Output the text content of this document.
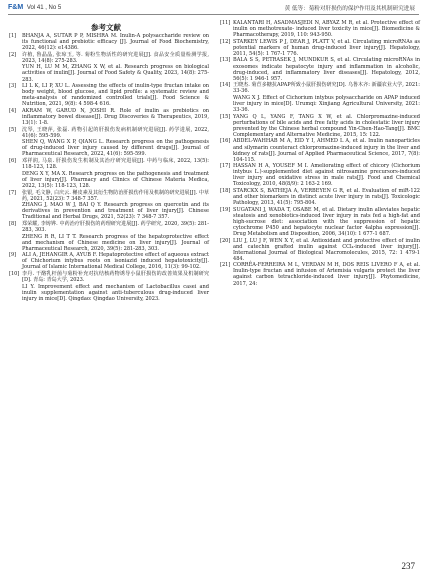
F&M Vol 41 , No 5	黄 低等：菊粉对肝损伤的保护作用及其机制研究进展
参考文献
[1] BHANJA A, SUTAR P P, MISHRA M. Inulin-A polysaccharide review on its functional and prebiotic efficacy [J]. Journal of Food Biochemistry, 2022, 46(12): e14386.
[2] 许植, 鲁晶晶, 张琼玉, 等. 菊粉生物活性的研究进展[J]. 食品安全质量检测学报, 2023, 14(8): 275-283.
YUN H, LU M M, ZHANG X W, et al. Research progress on biological activities of inulin[J]. Journal of Food Safety & Quality, 2023, 14(8): 275-283.
[3] LI L K, LI P, XU L. Assessing the effects of inulin-type fructan intake on body weight, blood glucose, and lipid profile: a systematic review and meta-analysis of randomized controlled trials[J]. Food Science & Nutrition, 2021, 9(8): 4 598-4 616.
[4] AKRAM W, GARUD N, JOSHI R. Role of inulin as prebiotics on inflammatory bowel disease[J]. Drug Discoveries & Therapeutics, 2019, 13(1): 1-8.
[5] 沈琴, 王晓萍, 张磊. 药物引起的肝损伤发病机制研究进展[J]. 药学进展, 2022, 41(6): 595-599.
SHEN Q, WANG X P, QIANG L. Research progress on the pathogenesis of drug-induced liver injury caused by different drugs[J]. Journal of Pharmaceutical Research, 2022, 41(6): 595-599.
[6] 邓祥润, 马泉. 肝损伤发生机制及其治疗研究进展[J]. 中药与临床, 2022, 13(5): 118-123, 128.
DENG X Y, MA X. Research progress on the pathogenesis and treatment of liver injury[J]. Pharmacy and Clinics of Chinese Materia Medica, 2022, 13(5): 118-123, 128.
[7] 张银, 毛文静, 白庆云. 槲皮素及其衍生物防治肝损伤作用及机制的研究进展[J]. 中草药, 2021, 52(23): 7 348-7 357.
ZHANG J, MAO W J, BAI Q Y. Research progress on quercetin and its derivatives in prevention and treatment of liver injury[J]. Chinese Traditional and Herbal Drugs, 2021, 52(23): 7 348-7 357.
[8] 郑荣耀, 李铸铧. 中药治疗肝损伤的药理研究进展[J]. 药学研究, 2020, 39(5): 281-283, 303.
ZHENG R R, LI T T. Research progress of the hepatoprotective effect and mechanism of Chinese medicine on liver injury[J]. Journal of Pharmaceutical Research, 2020, 39(5): 281-283, 303.
[9] ALI A, JEHANGIR A, AYUB F. Hepatoprotective effect of aqueous extract of Chichorium intybus roots on isoniazid induced hepatotoxicity[J]. Journal of Islamic International Medical College, 2016, 11(3): 99-102.
[10] 李丹. 干酪乳杆菌与菊粉补充对抗结核药物诱导小鼠肝损伤的改善效果及机制研究[D]. 青岛: 青岛大学, 2023.
LI Y. Improvement effect and mechanism of Lactobacillus casei and inulin supplementation against anti-tuberculous drug-induced liver injury in mice[D]. Qingdao: Qingdao University, 2023.
[11] KALANTARI H, ASADMASJEDI N, ABYAZ M R, et al. Protective effect of inulin on methotrexate- induced liver toxicity in mice[J]. Biomedicine & Pharmacotherapy, 2019, 110: 943-950.
[12] STARKEY LEWIS P J, DEAR J, PLATT V, et al. Circulating microRNAs as potential markers of human drug-induced liver injury[J]. Hepatology, 2011, 54(5): 1 767-1 776.
[13] BALA S S, PETRASEK J, MUNDKUR S, et al. Circulating microRNAs in exosomes indicate hepatocyte injury and inflammation in alcoholic, drug-induced, and inflammatory liver diseases[J]. Hepatology, 2012, 56(5): 1 946-1 957.
[14] 王晓杰. 菊苣多糖抗APAP所致小鼠肝损伤研究[D]. 乌鲁木齐: 新疆农业大学, 2021: 33-36.
WANG X J. Effect of Cichorium intybus polysaccharide on APAP induced liver injury in mice[D]. Urumqi: Xinjiang Agricultural University, 2021: 33-36.
[15] YANG Q L, YANG F, TANG X W, et al. Chlorpromazine-induced perturbations of bile acids and free fatty acids in cholestatic liver injury prevented by the Chinese herbal compound Yin-Chen-Hao-Tang[J]. BMC Complementary and Alternative Medicine, 2015, 15: 122.
[16] ABDEL-WAHHAB M A, EID Y I, AHMED L A, et al. Inulin nanoparticles and silymarin counteract chlorpromazine-induced injury in the liver and kidney of rats[J]. Journal of Applied Pharmaceutical Science, 2017, 7(8): 104-115.
[17] HASSAN H A, YOUSEF M I. Ameliorating effect of chicory (Cichorium intybus L.)-supplemented diet against nitrosamine precursors-induced liver injury and oxidative stress in male rats[J]. Food and Chemical Toxicology, 2010, 48(8/9): 2 163-2 169.
[18] STARCKX S, BATHEJA A, VERBEYEN G R, et al. Evaluation of miR-122 and other biomarkers in distinct acute liver injury in rats[J]. Toxicologic Pathology, 2013, 41(5): 795-804.
[19] SUGATANI J, WADA T, OSABE M, et al. Dietary inulin alleviates hepatic steatosis and xenobiotics-induced liver injury in rats fed a high-fat and high-sucrose diet: association with the suppression of hepatic cytochrome P450 and hepatocyte nuclear factor 4alpha expression[J]. Drug Metabolism and Disposition, 2006, 34(10): 1 677-1 687.
[20] LIU J, LU J F, WEN X Y, et al. Antioxidant and protective effect of inulin and catechin grafted inulin against CCl₄-induced liver injury[J]. International Journal of Biological Macromolecules, 2015, 72: 1 479-1 484.
[21] CORRÊA-FERREIRA M L, VERDAN M H, DOS REIS LIVERO F A, et al. Inulin-type fructan and infusion of Artemisia vulgaris protect the liver against carbon tetrachloride-induced liver injury[J]. Phytomedicine, 2017, 24:
237
